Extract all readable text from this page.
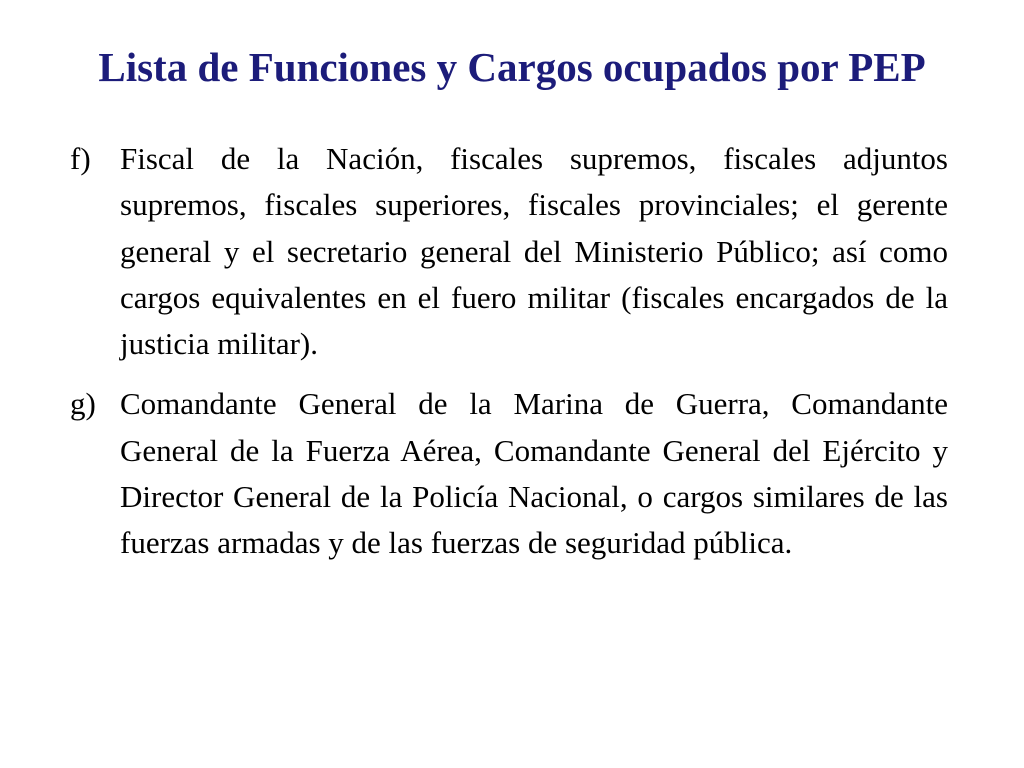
Lista de Funciones y Cargos ocupados por PEP
f) Fiscal de la Nación, fiscales supremos, fiscales adjuntos supremos, fiscales superiores, fiscales provinciales; el gerente general y el secretario general del Ministerio Público; así como cargos equivalentes en el fuero militar (fiscales encargados de la justicia militar).
g) Comandante General de la Marina de Guerra, Comandante General de la Fuerza Aérea, Comandante General del Ejército y Director General de la Policía Nacional, o cargos similares de las fuerzas armadas y de las fuerzas de seguridad pública.
